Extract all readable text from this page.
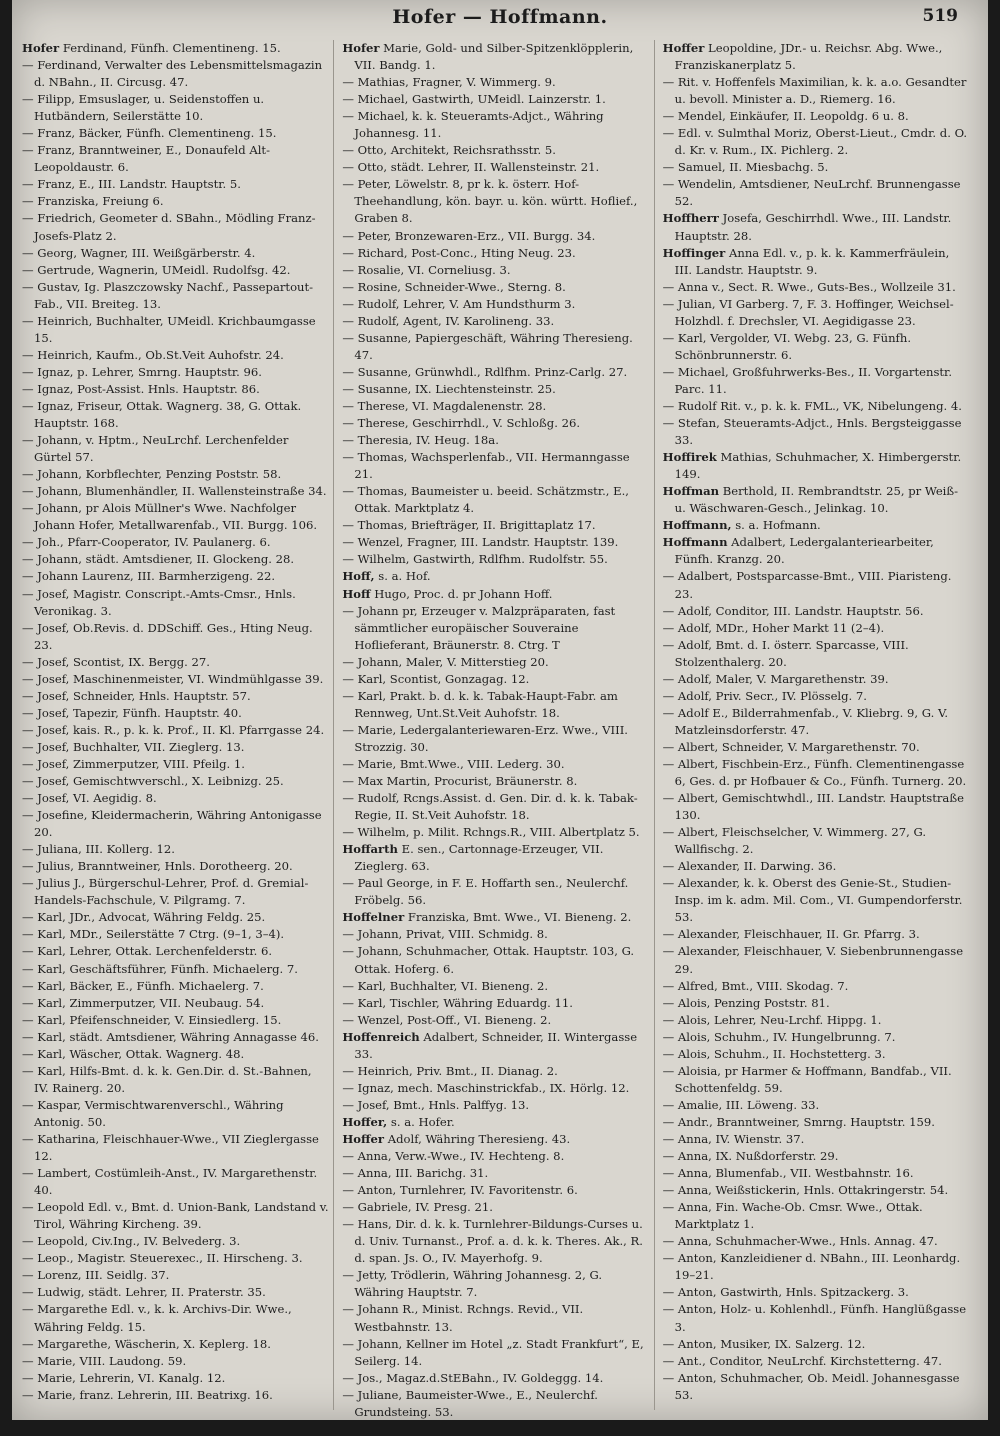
Hofer — Hoffmann.	519

Hofer Ferdinand, Fünfh. Clementineng. 15.

— Ferdinand, Verwalter des Lebensmittelsmagazin d. NBahn., II. Circusg. 47.

— Filipp, Emsuslager, u. Seidenstoffen u. Hutbändern, Seilerstätte 10.

— Franz, Bäcker, Fünfh. Clementineng. 15.

— Franz, Branntweiner, E., Donaufeld Alt-Leopoldaustr. 6.

— Franz, E., III. Landstr. Hauptstr. 5.

— Franziska, Freiung 6.

— Friedrich, Geometer d. SBahn., Mödling Franz-Josefs-Platz 2.

— Georg, Wagner, III. Weißgärberstr. 4.

— Gertrude, Wagnerin, UMeidl. Rudolfsg. 42.

— Gustav, Ig. Plaszczowsky Nachf., Passepartout-Fab., VII. Breiteg. 13.

— Heinrich, Buchhalter, UMeidl. Krichbaumgasse 15.

— Heinrich, Kaufm., Ob.St.Veit Auhofstr. 24.

— Ignaz, p. Lehrer, Smrng. Hauptstr. 96.

— Ignaz, Post-Assist. Hnls. Hauptstr. 86.

— Ignaz, Friseur, Ottak. Wagnerg. 38, G. Ottak. Hauptstr. 168.

— Johann, v. Hptm., NeuLrchf. Lerchenfelder Gürtel 57.

— Johann, Korbflechter, Penzing Poststr. 58.

— Johann, Blumenhändler, II. Wallensteinstraße 34.

— Johann, pr Alois Müllner's Wwe. Nachfolger Johann Hofer, Metallwarenfab., VII. Burgg. 106.

— Joh., Pfarr-Cooperator, IV. Paulanerg. 6.

— Johann, städt. Amtsdiener, II. Glockeng. 28.

— Johann Laurenz, III. Barmherzigeng. 22.

— Josef, Magistr. Conscript.-Amts-Cmsr., Hnls. Veronikag. 3.

— Josef, Ob.Revis. d. DDSchiff. Ges., Hting Neug. 23.

— Josef, Scontist, IX. Bergg. 27.

— Josef, Maschinenmeister, VI. Windmühlgasse 39.

— Josef, Schneider, Hnls. Hauptstr. 57.

— Josef, Tapezir, Fünfh. Hauptstr. 40.

— Josef, kais. R., p. k. k. Prof., II. Kl. Pfarrgasse 24.

— Josef, Buchhalter, VII. Zieglerg. 13.

— Josef, Zimmerputzer, VIII. Pfeilg. 1.

— Josef, Gemischtwverschl., X. Leibnizg. 25.

— Josef, VI. Aegidig. 8.

— Josefine, Kleidermacherin, Währing Antonigasse 20.

— Juliana, III. Kollerg. 12.

— Julius, Branntweiner, Hnls. Dorotheerg. 20.

— Julius J., Bürgerschul-Lehrer, Prof. d. Gremial-Handels-Fachschule, V. Pilgramg. 7.

— Karl, JDr., Advocat, Währing Feldg. 25.

— Karl, MDr., Seilerstätte 7 Ctrg. (9–1, 3–4).

— Karl, Lehrer, Ottak. Lerchenfelderstr. 6.

— Karl, Geschäftsführer, Fünfh. Michaelerg. 7.

— Karl, Bäcker, E., Fünfh. Michaelerg. 7.

— Karl, Zimmerputzer, VII. Neubaug. 54.

— Karl, Pfeifenschneider, V. Einsiedlerg. 15.

— Karl, städt. Amtsdiener, Währing Annagasse 46.

— Karl, Wäscher, Ottak. Wagnerg. 48.

— Karl, Hilfs-Bmt. d. k. k. Gen.Dir. d. St.-Bahnen, IV. Rainerg. 20.

— Kaspar, Vermischtwarenverschl., Währing Antonig. 50.

— Katharina, Fleischhauer-Wwe., VII Zieglergasse 12.

— Lambert, Costümleih-Anst., IV. Margarethenstr. 40.

— Leopold Edl. v., Bmt. d. Union-Bank, Landstand v. Tirol, Währing Kircheng. 39.

— Leopold, Civ.Ing., IV. Belvederg. 3.

— Leop., Magistr. Steuerexec., II. Hirscheng. 3.

— Lorenz, III. Seidlg. 37.

— Ludwig, städt. Lehrer, II. Praterstr. 35.

— Margarethe Edl. v., k. k. Archivs-Dir. Wwe., Währing Feldg. 15.

— Margarethe, Wäscherin, X. Keplerg. 18.

— Marie, VIII. Laudong. 59.

— Marie, Lehrerin, VI. Kanalg. 12.

— Marie, franz. Lehrerin, III. Beatrixg. 16.

Hofer Marie, Gold- und Silber-Spitzenklöpplerin, VII. Bandg. 1.

— Mathias, Fragner, V. Wimmerg. 9.

— Michael, Gastwirth, UMeidl. Lainzerstr. 1.

— Michael, k. k. Steueramts-Adjct., Währing Johannesg. 11.

— Otto, Architekt, Reichsrathsstr. 5.

— Otto, städt. Lehrer, II. Wallensteinstr. 21.

— Peter, Löwelstr. 8, pr k. k. österr. Hof-Theehandlung, kön. bayr. u. kön. württ. Hoflief., Graben 8.

— Peter, Bronzewaren-Erz., VII. Burgg. 34.

— Richard, Post-Conc., Hting Neug. 23.

— Rosalie, VI. Corneliusg. 3.

— Rosine, Schneider-Wwe., Sterng. 8.

— Rudolf, Lehrer, V. Am Hundsthurm 3.

— Rudolf, Agent, IV. Karolineng. 33.

— Susanne, Papiergeschäft, Währing Theresieng. 47.

— Susanne, Grünwhdl., Rdlfhm. Prinz-Carlg. 27.

— Susanne, IX. Liechtensteinstr. 25.

— Therese, VI. Magdalenenstr. 28.

— Therese, Geschirrhdl., V. Schloßg. 26.

— Theresia, IV. Heug. 18a.

— Thomas, Wachsperlenfab., VII. Hermanngasse 21.

— Thomas, Baumeister u. beeid. Schätzmstr., E., Ottak. Marktplatz 4.

— Thomas, Briefträger, II. Brigittaplatz 17.

— Wenzel, Fragner, III. Landstr. Hauptstr. 139.

— Wilhelm, Gastwirth, Rdlfhm. Rudolfstr. 55.

Hoff, s. a. Hof.

Hoff Hugo, Proc. d. pr Johann Hoff.

— Johann pr, Erzeuger v. Malzpräparaten, fast sämmtlicher europäischer Souveraine Hoflieferant, Bräunerstr. 8. Ctrg. T

— Johann, Maler, V. Mitterstieg 20.

— Karl, Scontist, Gonzagag. 12.

— Karl, Prakt. b. d. k. k. Tabak-Haupt-Fabr. am Rennweg, Unt.St.Veit Auhofstr. 18.

— Marie, Ledergalanteriewaren-Erz. Wwe., VIII. Strozzig. 30.

— Marie, Bmt.Wwe., VIII. Lederg. 30.

— Max Martin, Procurist, Bräunerstr. 8.

— Rudolf, Rcngs.Assist. d. Gen. Dir. d. k. k. Tabak-Regie, II. St.Veit Auhofstr. 18.

— Wilhelm, p. Milit. Rchngs.R., VIII. Albertplatz 5.

Hoffarth E. sen., Cartonnage-Erzeuger, VII. Zieglerg. 63.

— Paul George, in F. E. Hoffarth sen., Neulerchf. Fröbelg. 56.

Hoffelner Franziska, Bmt. Wwe., VI. Bieneng. 2.

— Johann, Privat, VIII. Schmidg. 8.

— Johann, Schuhmacher, Ottak. Hauptstr. 103, G. Ottak. Hoferg. 6.

— Karl, Buchhalter, VI. Bieneng. 2.

— Karl, Tischler, Währing Eduardg. 11.

— Wenzel, Post-Off., VI. Bieneng. 2.

Hoffenreich Adalbert, Schneider, II. Wintergasse 33.

— Heinrich, Priv. Bmt., II. Dianag. 2.

— Ignaz, mech. Maschinstrickfab., IX. Hörlg. 12.

— Josef, Bmt., Hnls. Palffyg. 13.

Hoffer, s. a. Hofer.

Hoffer Adolf, Währing Theresieng. 43.

— Anna, Verw.-Wwe., IV. Hechteng. 8.

— Anna, III. Barichg. 31.

— Anton, Turnlehrer, IV. Favoritenstr. 6.

— Gabriele, IV. Presg. 21.

— Hans, Dir. d. k. k. Turnlehrer-Bildungs-Curses u. d. Univ. Turnanst., Prof. a. d. k. k. Theres. Ak., R. d. span. Js. O., IV. Mayerhofg. 9.

— Jetty, Trödlerin, Währing Johannesg. 2, G. Währing Hauptstr. 7.

— Johann R., Minist. Rchngs. Revid., VII. Westbahnstr. 13.

— Johann, Kellner im Hotel „z. Stadt Frankfurt“, E, Seilerg. 14.

— Jos., Magaz.d.StEBahn., IV. Goldeggg. 14.

— Juliane, Baumeister-Wwe., E., Neulerchf. Grundsteing. 53.

Hoffer Leopoldine, JDr.- u. Reichsr. Abg. Wwe., Franziskanerplatz 5.

— Rit. v. Hoffenfels Maximilian, k. k. a.o. Gesandter u. bevoll. Minister a. D., Riemerg. 16.

— Mendel, Einkäufer, II. Leopoldg. 6 u. 8.

— Edl. v. Sulmthal Moriz, Oberst-Lieut., Cmdr. d. O. d. Kr. v. Rum., IX. Pichlerg. 2.

— Samuel, II. Miesbachg. 5.

— Wendelin, Amtsdiener, NeuLrchf. Brunnengasse 52.

Hoffherr Josefa, Geschirrhdl. Wwe., III. Landstr. Hauptstr. 28.

Hoffinger Anna Edl. v., p. k. k. Kammerfräulein, III. Landstr. Hauptstr. 9.

— Anna v., Sect. R. Wwe., Guts-Bes., Wollzeile 31.

— Julian, VI Garberg. 7, F. 3. Hoffinger, Weichsel-Holzhdl. f. Drechsler, VI. Aegidigasse 23.

— Karl, Vergolder, VI. Webg. 23, G. Fünfh. Schönbrunnerstr. 6.

— Michael, Großfuhrwerks-Bes., II. Vorgartenstr. Parc. 11.

— Rudolf Rit. v., p. k. k. FML., VK, Nibelungeng. 4.

— Stefan, Steueramts-Adjct., Hnls. Bergsteiggasse 33.

Hoffirek Mathias, Schuhmacher, X. Himbergerstr. 149.

Hoffman Berthold, II. Rembrandtstr. 25, pr Weiß- u. Wäschwaren-Gesch., Jelinkag. 10.

Hoffmann, s. a. Hofmann.

Hoffmann Adalbert, Ledergalanteriearbeiter, Fünfh. Kranzg. 20.

— Adalbert, Postsparcasse-Bmt., VIII. Piaristeng. 23.

— Adolf, Conditor, III. Landstr. Hauptstr. 56.

— Adolf, MDr., Hoher Markt 11 (2–4).

— Adolf, Bmt. d. I. österr. Sparcasse, VIII. Stolzenthalerg. 20.

— Adolf, Maler, V. Margarethenstr. 39.

— Adolf, Priv. Secr., IV. Plösselg. 7.

— Adolf E., Bilderrahmenfab., V. Kliebrg. 9, G. V. Matzleinsdorferstr. 47.

— Albert, Schneider, V. Margarethenstr. 70.

— Albert, Fischbein-Erz., Fünfh. Clementinengasse 6, Ges. d. pr Hofbauer & Co., Fünfh. Turnerg. 20.

— Albert, Gemischtwhdl., III. Landstr. Hauptstraße 130.

— Albert, Fleischselcher, V. Wimmerg. 27, G. Wallfischg. 2.

— Alexander, II. Darwing. 36.

— Alexander, k. k. Oberst des Genie-St., Studien-Insp. im k. adm. Mil. Com., VI. Gumpendorferstr. 53.

— Alexander, Fleischhauer, II. Gr. Pfarrg. 3.

— Alexander, Fleischhauer, V. Siebenbrunnengasse 29.

— Alfred, Bmt., VIII. Skodag. 7.

— Alois, Penzing Poststr. 81.

— Alois, Lehrer, Neu-Lrchf. Hippg. 1.

— Alois, Schuhm., IV. Hungelbrunng. 7.

— Alois, Schuhm., II. Hochstetterg. 3.

— Aloisia, pr Harmer & Hoffmann, Bandfab., VII. Schottenfeldg. 59.

— Amalie, III. Löweng. 33.

— Andr., Branntweiner, Smrng. Hauptstr. 159.

— Anna, IV. Wienstr. 37.

— Anna, IX. Nußdorferstr. 29.

— Anna, Blumenfab., VII. Westbahnstr. 16.

— Anna, Weißstickerin, Hnls. Ottakringerstr. 54.

— Anna, Fin. Wache-Ob. Cmsr. Wwe., Ottak. Marktplatz 1.

— Anna, Schuhmacher-Wwe., Hnls. Annag. 47.

— Anton, Kanzleidiener d. NBahn., III. Leonhardg. 19–21.

— Anton, Gastwirth, Hnls. Spitzackerg. 3.

— Anton, Holz- u. Kohlenhdl., Fünfh. Hanglüßgasse 3.

— Anton, Musiker, IX. Salzerg. 12.

— Ant., Conditor, NeuLrchf. Kirchstetterng. 47.

— Anton, Schuhmacher, Ob. Meidl. Johannesgasse 53.
